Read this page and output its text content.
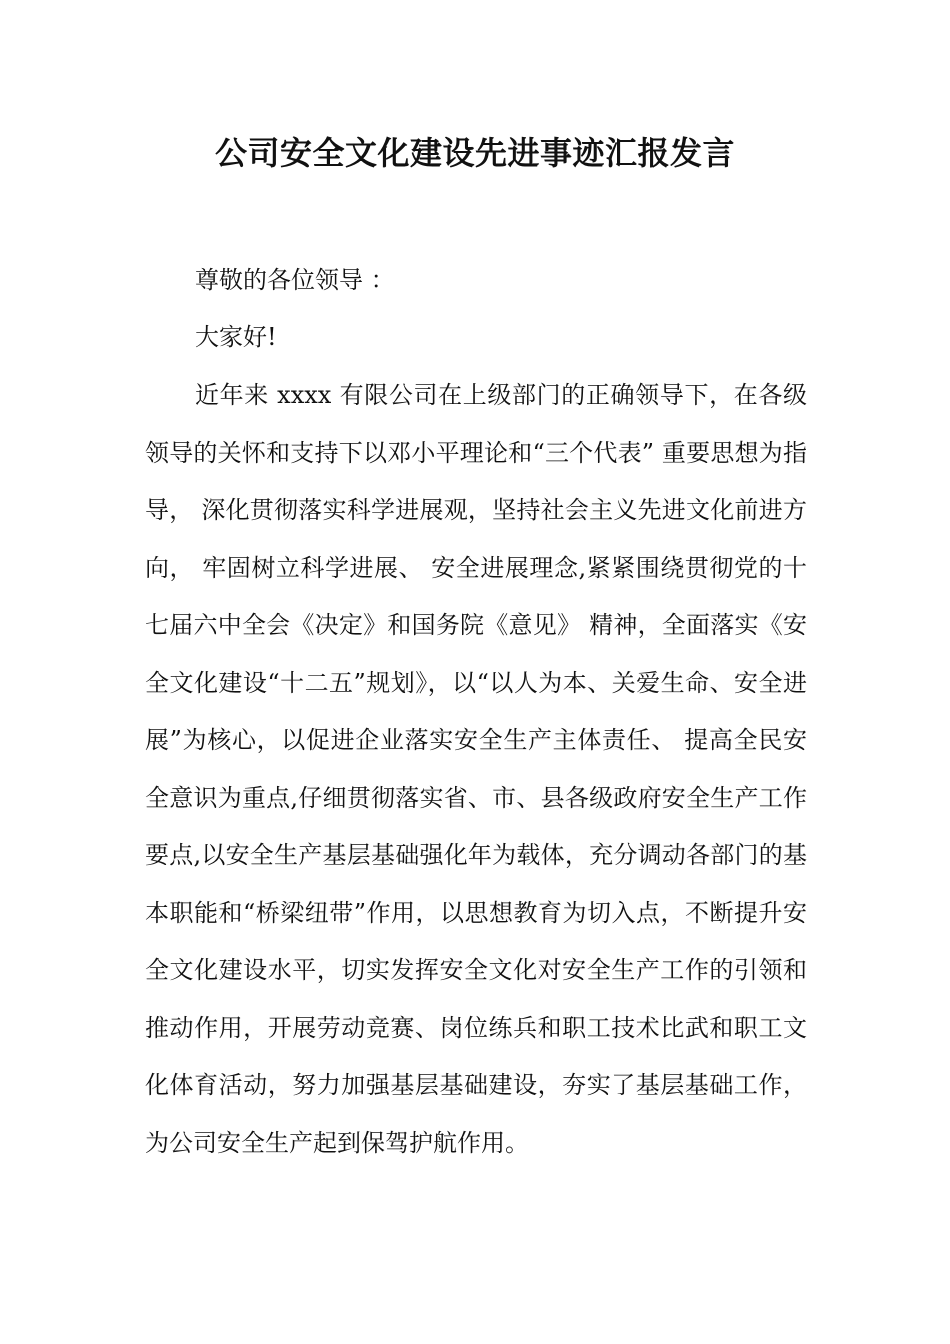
公司安全文化建设先进事迹汇报发言
尊敬的各位领导 ：
大家好!
近年来 xxxx 有限公司在上级部门的正确领导下，在各级领导的关怀和支持下以邓小平理论和“三个代表” 重要思想为指导， 深化贯彻落实科学进展观，坚持社会主义先进文化前进方向， 牢固树立科学进展、 安全进展理念,紧紧围绕贯彻党的十七届六中全会《决定》和国务院《意见》 精神，全面落实《安全文化建设“十二五”规划》，以“以人为本、关爱生命、安全进展”为核心，以促进企业落实安全生产主体责任、 提高全民安全意识为重点,仔细贯彻落实省、市、县各级政府安全生产工作要点,以安全生产基层基础强化年为载体，充分调动各部门的基本职能和“桥梁纽带”作用，以思想教育为切入点，不断提升安全文化建设水平，切实发挥安全文化对安全生产工作的引领和推动作用，开展劳动竞赛、岗位练兵和职工技术比武和职工文化体育活动，努力加强基层基础建设，夯实了基层基础工作，为公司安全生产起到保驾护航作用。
